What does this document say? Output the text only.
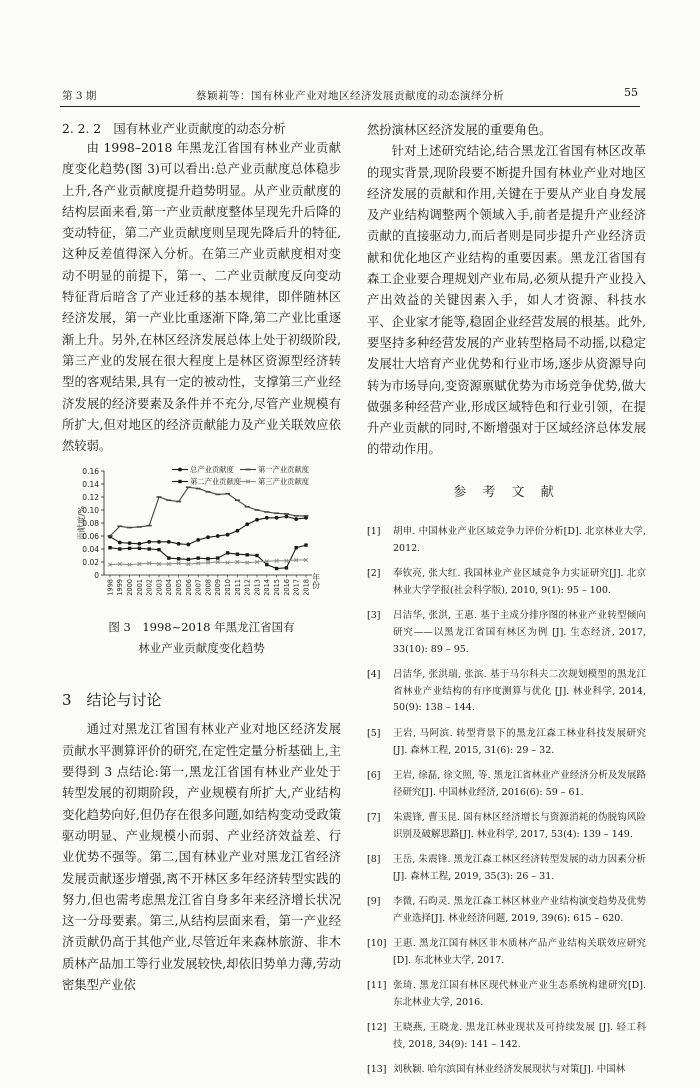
第 3 期	蔡颖莉等：国有林业产业对地区经济发展贡献度的动态演绎分析	55

2. 2. 2　国有林业产业贡献度的动态分析

由 1998–2018 年黑龙江省国有林业产业贡献度变化趋势(图 3)可以看出:总产业贡献度总体稳步上升,各产业贡献度提升趋势明显。从产业贡献度的结构层面来看,第一产业贡献度整体呈现先升后降的变动特征，第二产业贡献度则呈现先降后升的特征,这种反差值得深入分析。在第三产业贡献度相对变动不明显的前提下，第一、二产业贡献度反向变动特征背后暗含了产业迁移的基本规律，即伴随林区经济发展，第一产业比重逐渐下降,第二产业比重逐渐上升。另外,在林区经济发展总体上处于初级阶段,第三产业的发展在很大程度上是林区资源型经济转型的客观结果,具有一定的被动性，支撑第三产业经济发展的经济要素及条件并不充分,尽管产业规模有所扩大,但对地区的经济贡献能力及产业关联效应依然较弱。

0
0.02
0.04
0.06
0.08
0.10
0.12
0.14
0.16
贡献度/%
1998 1999 2000 2001 2002 2003 2004 2005 2006 2007 2008 2009 2010 2011 2012 2013 2014 2015 2016 2017 2018 年份
总产业贡献度	第一产业贡献度
第二产业贡献度 第三产业贡献度
图 3　1998~2018 年黑龙江省国有
林业产业贡献度变化趋势
3　结论与讨论

通过对黑龙江省国有林业产业对地区经济发展贡献水平测算评价的研究,在定性定量分析基础上,主要得到 3 点结论:第一,黑龙江省国有林业产业处于转型发展的初期阶段，产业规模有所扩大,产业结构变化趋势向好,但仍存在很多问题,如结构变动受政策驱动明显、产业规模小而弱、产业经济效益差、行业优势不强等。第二,国有林业产业对黑龙江省经济发展贡献逐步增强,离不开林区多年经济转型实践的努力,但也需考虑黑龙江省自身多年来经济增长状况这一分母要素。第三,从结构层面来看，第一产业经济贡献仍高于其他产业,尽管近年来森林旅游、非木质林产品加工等行业发展较快,却依旧势单力薄,劳动密集型产业依

然扮演林区经济发展的重要角色。

针对上述研究结论,结合黑龙江省国有林区改革的现实背景,现阶段要不断提升国有林业产业对地区经济发展的贡献和作用,关键在于要从产业自身发展及产业结构调整两个领域入手,前者是提升产业经济贡献的直接驱动力,而后者则是同步提升产业经济贡献和优化地区产业结构的重要因素。黑龙江省国有森工企业要合理规划产业布局,必须从提升产业投入产出效益的关键因素入手，如人才资源、科技水平、企业家才能等,稳固企业经营发展的根基。此外,要坚持多种经营发展的产业转型格局不动摇,以稳定发展壮大培育产业优势和行业市场,逐步从资源导向转为市场导向,变资源禀赋优势为市场竞争优势,做大做强多种经营产业,形成区域特色和行业引领，在提升产业贡献的同时,不断增强对于区域经济总体发展的带动作用。

参 考 文 献
[1] 胡申. 中国林业产业区域竞争力评价分析[D]. 北京林业大学, 2012.
[2] 奉钦亮, 张大红. 我国林业产业区域竞争力实证研究[J]. 北京林业大学学报(社会科学版), 2010, 9(1): 95 – 100.
[3] 吕洁华, 张洪, 王惠. 基于主成分排序图的林业产业转型倾向研究——以黑龙江省国有林区为例 [J]. 生态经济, 2017, 33(10): 89 – 95.
[4] 吕洁华, 张洪瑞, 张滨. 基于马尔科夫二次规划模型的黑龙江省林业产业结构的有序度测算与优化 [J]. 林业科学, 2014, 50(9): 138 – 144.
[5] 王岩, 马阿滨. 转型背景下的黑龙江森工林业科技发展研究[J]. 森林工程, 2015, 31(6): 29 – 32.
[6] 王岩, 徐磊, 徐文照, 等. 黑龙江省林业产业经济分析及发展路径研究[J]. 中国林业经济, 2016(6): 59 – 61.
[7] 朱震锋, 曹玉昆. 国有林区经济增长与资源消耗的伪脱钩风险识别及破解思路[J]. 林业科学, 2017, 53(4): 139 – 149.
[8] 王岳, 朱震锋. 黑龙江森工林区经济转型发展的动力因素分析[J]. 森林工程, 2019, 35(3): 26 – 31.
[9] 李微, 石昀灵. 黑龙江森工林区林业产业结构演变趋势及优势产业选择[J]. 林业经济问题, 2019, 39(6): 615 – 620.
[10] 王惠. 黑龙江国有林区非木质林产品产业结构关联效应研究[D]. 东北林业大学, 2017.
[11] 张琦. 黑龙江国有林区现代林业产业生态系统构建研究[D]. 东北林业大学, 2016.
[12] 王晓燕, 王晓龙. 黑龙江林业现状及可持续发展 [J]. 轻工科技, 2018, 34(9): 141 – 142.
[13] 刘秋颖. 哈尔滨国有林业经济发展现状与对策[J]. 中国林
